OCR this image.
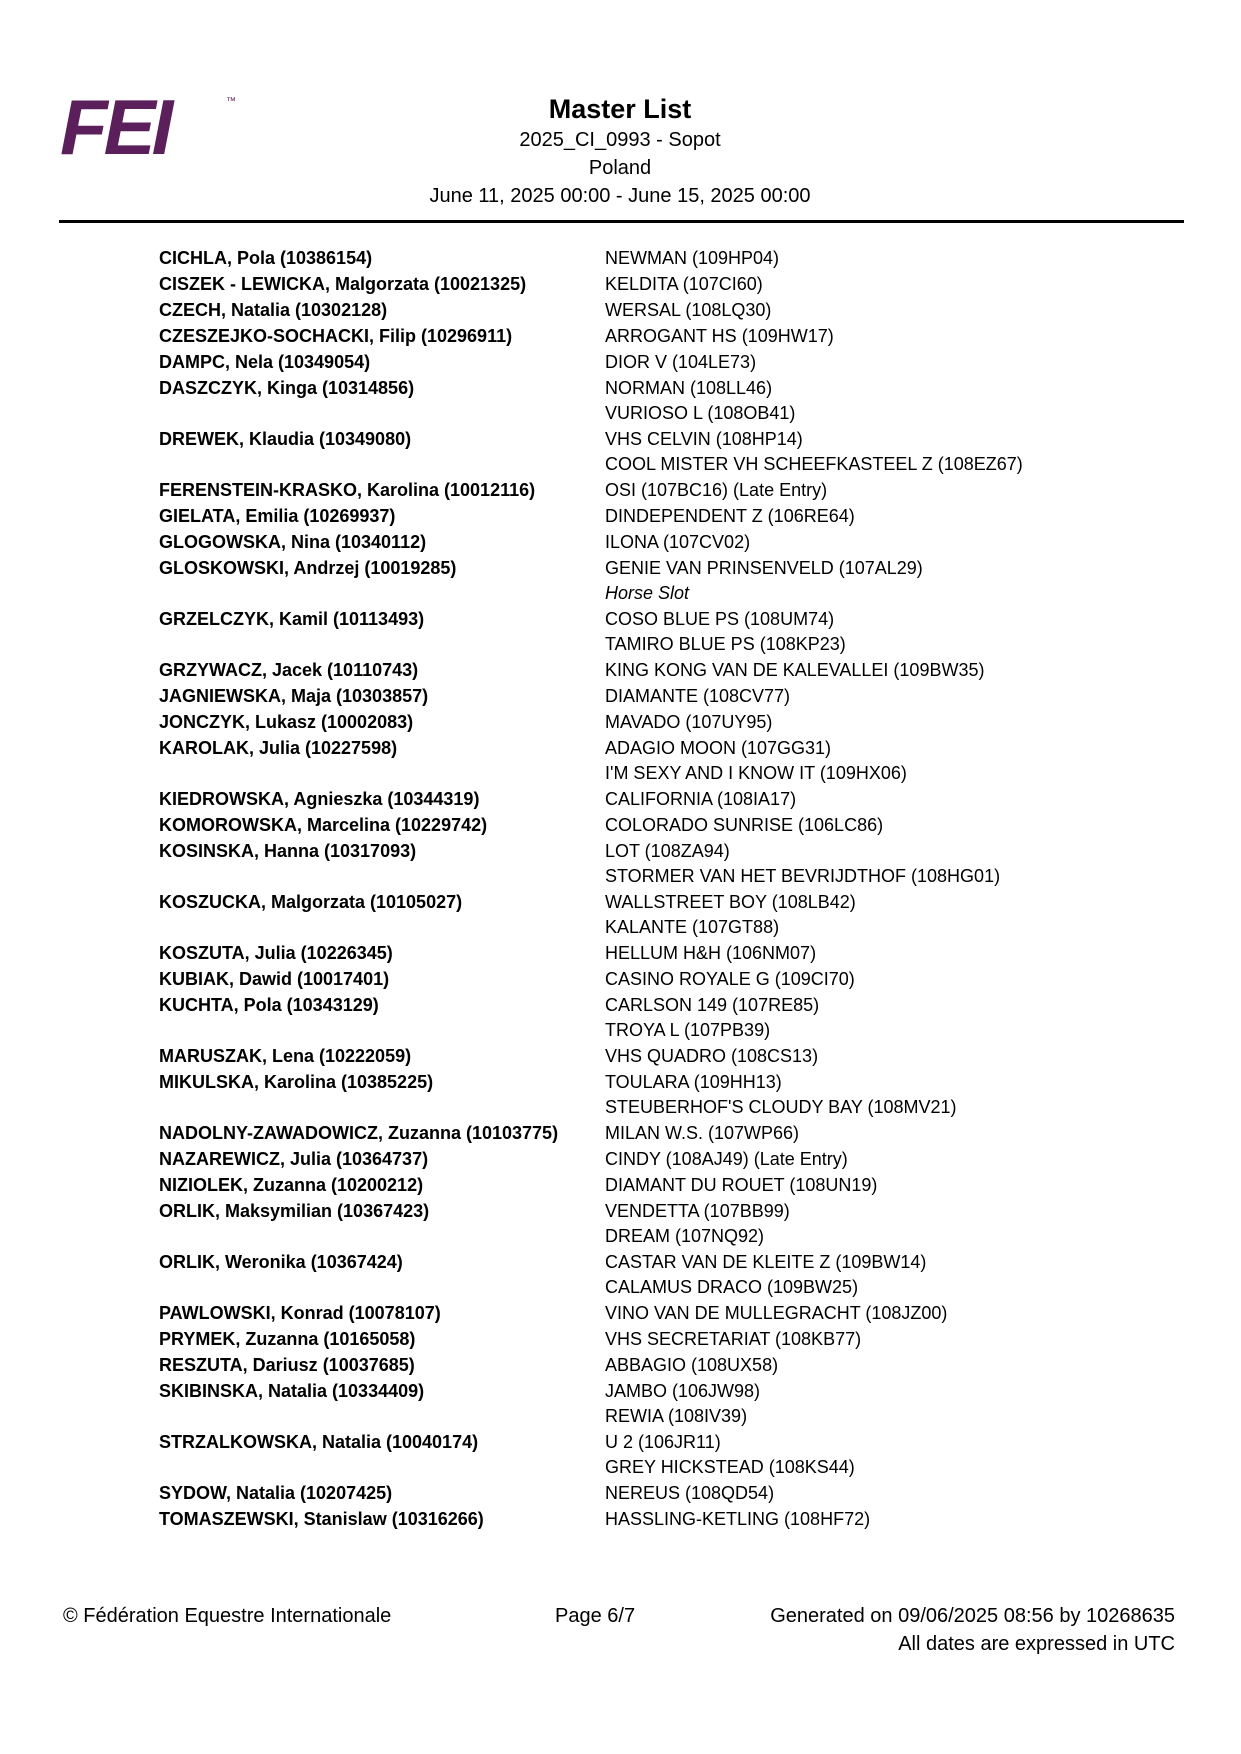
FEI	™	Master List
2025_CI_0993 - Sopot
Poland
June 11, 2025 00:00 - June 15, 2025 00:00
CICHLA, Pola (10386154)	NEWMAN (109HP04)
CISZEK - LEWICKA, Malgorzata (10021325)	KELDITA (107CI60)
CZECH, Natalia (10302128)	WERSAL (108LQ30)
CZESZEJKO-SOCHACKI, Filip (10296911)	ARROGANT HS (109HW17)
DAMPC, Nela (10349054)	DIOR V (104LE73)
DASZCZYK, Kinga (10314856)	NORMAN (108LL46)
VURIOSO L (108OB41)
DREWEK, Klaudia (10349080)	VHS CELVIN (108HP14)
COOL MISTER VH SCHEEFKASTEEL Z (108EZ67)
FERENSTEIN-KRASKO, Karolina (10012116)	OSI (107BC16) (Late Entry)
GIELATA, Emilia (10269937)	DINDEPENDENT Z (106RE64)
GLOGOWSKA, Nina (10340112)	ILONA (107CV02)
GLOSKOWSKI, Andrzej (10019285)	GENIE VAN PRINSENVELD (107AL29)
Horse Slot
GRZELCZYK, Kamil (10113493)	COSO BLUE PS (108UM74)
TAMIRO BLUE PS (108KP23)
GRZYWACZ, Jacek (10110743)	KING KONG VAN DE KALEVALLEI (109BW35)
JAGNIEWSKA, Maja (10303857)	DIAMANTE (108CV77)
JONCZYK, Lukasz (10002083)	MAVADO (107UY95)
KAROLAK, Julia (10227598)	ADAGIO MOON (107GG31)
I'M SEXY AND I KNOW IT (109HX06)
KIEDROWSKA, Agnieszka (10344319)	CALIFORNIA (108IA17)
KOMOROWSKA, Marcelina (10229742)	COLORADO SUNRISE (106LC86)
KOSINSKA, Hanna (10317093)	LOT (108ZA94)
STORMER VAN HET BEVRIJDTHOF (108HG01)
KOSZUCKA, Malgorzata (10105027)	WALLSTREET BOY (108LB42)
KALANTE (107GT88)
KOSZUTA, Julia (10226345)	HELLUM H&H (106NM07)
KUBIAK, Dawid (10017401)	CASINO ROYALE G (109CI70)
KUCHTA, Pola (10343129)	CARLSON 149 (107RE85)
TROYA L (107PB39)
MARUSZAK, Lena (10222059)	VHS QUADRO (108CS13)
MIKULSKA, Karolina (10385225)	TOULARA (109HH13)
STEUBERHOF'S CLOUDY BAY (108MV21)
NADOLNY-ZAWADOWICZ, Zuzanna (10103775)	MILAN W.S. (107WP66)
NAZAREWICZ, Julia (10364737)	CINDY (108AJ49) (Late Entry)
NIZIOLEK, Zuzanna (10200212)	DIAMANT DU ROUET (108UN19)
ORLIK, Maksymilian (10367423)	VENDETTA (107BB99)
DREAM (107NQ92)
ORLIK, Weronika (10367424)	CASTAR VAN DE KLEITE Z (109BW14)
CALAMUS DRACO (109BW25)
PAWLOWSKI, Konrad (10078107)	VINO VAN DE MULLEGRACHT (108JZ00)
PRYMEK, Zuzanna (10165058)	VHS SECRETARIAT (108KB77)
RESZUTA, Dariusz (10037685)	ABBAGIO (108UX58)
SKIBINSKA, Natalia (10334409)	JAMBO (106JW98)
REWIA (108IV39)
STRZALKOWSKA, Natalia (10040174)	U 2 (106JR11)
GREY HICKSTEAD (108KS44)
SYDOW, Natalia (10207425)	NEREUS (108QD54)
TOMASZEWSKI, Stanislaw (10316266)	HASSLING-KETLING (108HF72)
© Fédération Equestre Internationale	Page 6/7	Generated on 09/06/2025 08:56 by 10268635
All dates are expressed in UTC
